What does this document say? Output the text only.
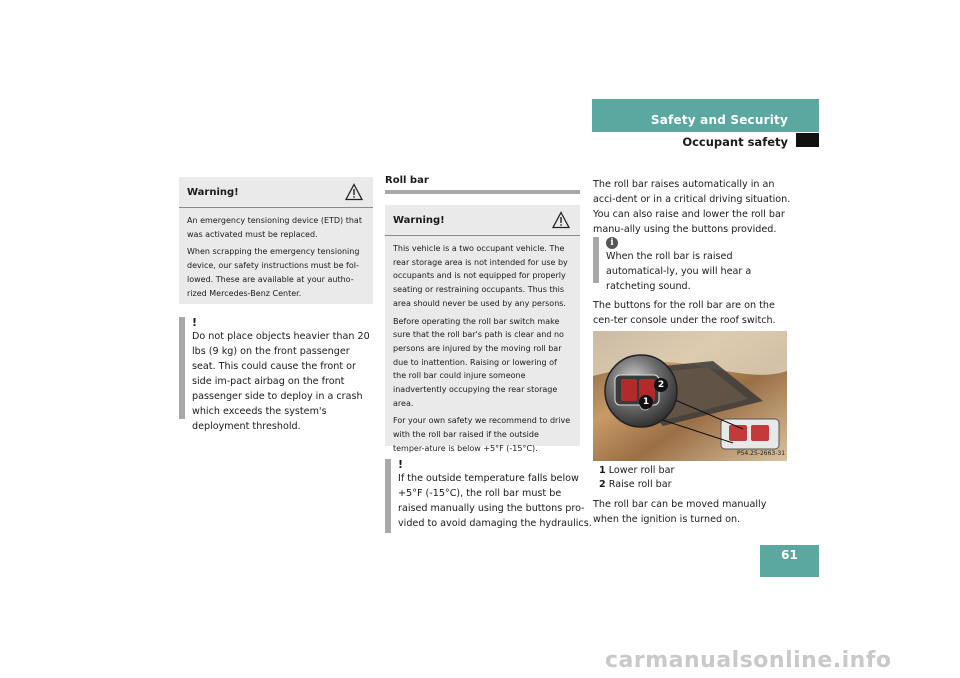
Safety and Security
Occupant safety
Warning!

An emergency tensioning device (ETD) that was activated must be replaced.

When scrapping the emergency tensioning device, our safety instructions must be fol-lowed. These are available at your autho-rized Mercedes-Benz Center.

!
Do not place objects heavier than 20 lbs (9 kg) on the front passenger seat. This could cause the front or side im-pact airbag on the front passenger side to deploy in a crash which exceeds the system's deployment threshold.
Roll bar
Warning!

This vehicle is a two occupant vehicle. The rear storage area is not intended for use by occupants and is not equipped for properly seating or restraining occupants. Thus this area should never be used by any persons.

Before operating the roll bar switch make sure that the roll bar's path is clear and no persons are injured by the moving roll bar due to inattention. Raising or lowering of the roll bar could injure someone inadvertently occupying the rear storage area.

For your own safety we recommend to drive with the roll bar raised if the outside temper-ature is below +5°F (-15°C).

!
If the outside temperature falls below +5°F (-15°C), the roll bar must be raised manually using the buttons pro-vided to avoid damaging the hydraulics.
The roll bar raises automatically in an acci-dent or in a critical driving situation. You can also raise and lower the roll bar manu-ally using the buttons provided.
i
When the roll bar is raised automatical-ly, you will hear a ratcheting sound.
The buttons for the roll bar are on the cen-ter console under the roof switch.
2
1
P54.25-2663-31
1 Lower roll bar
2 Raise roll bar
The roll bar can be moved manually when the ignition is turned on.
61
carmanualsonline.info
